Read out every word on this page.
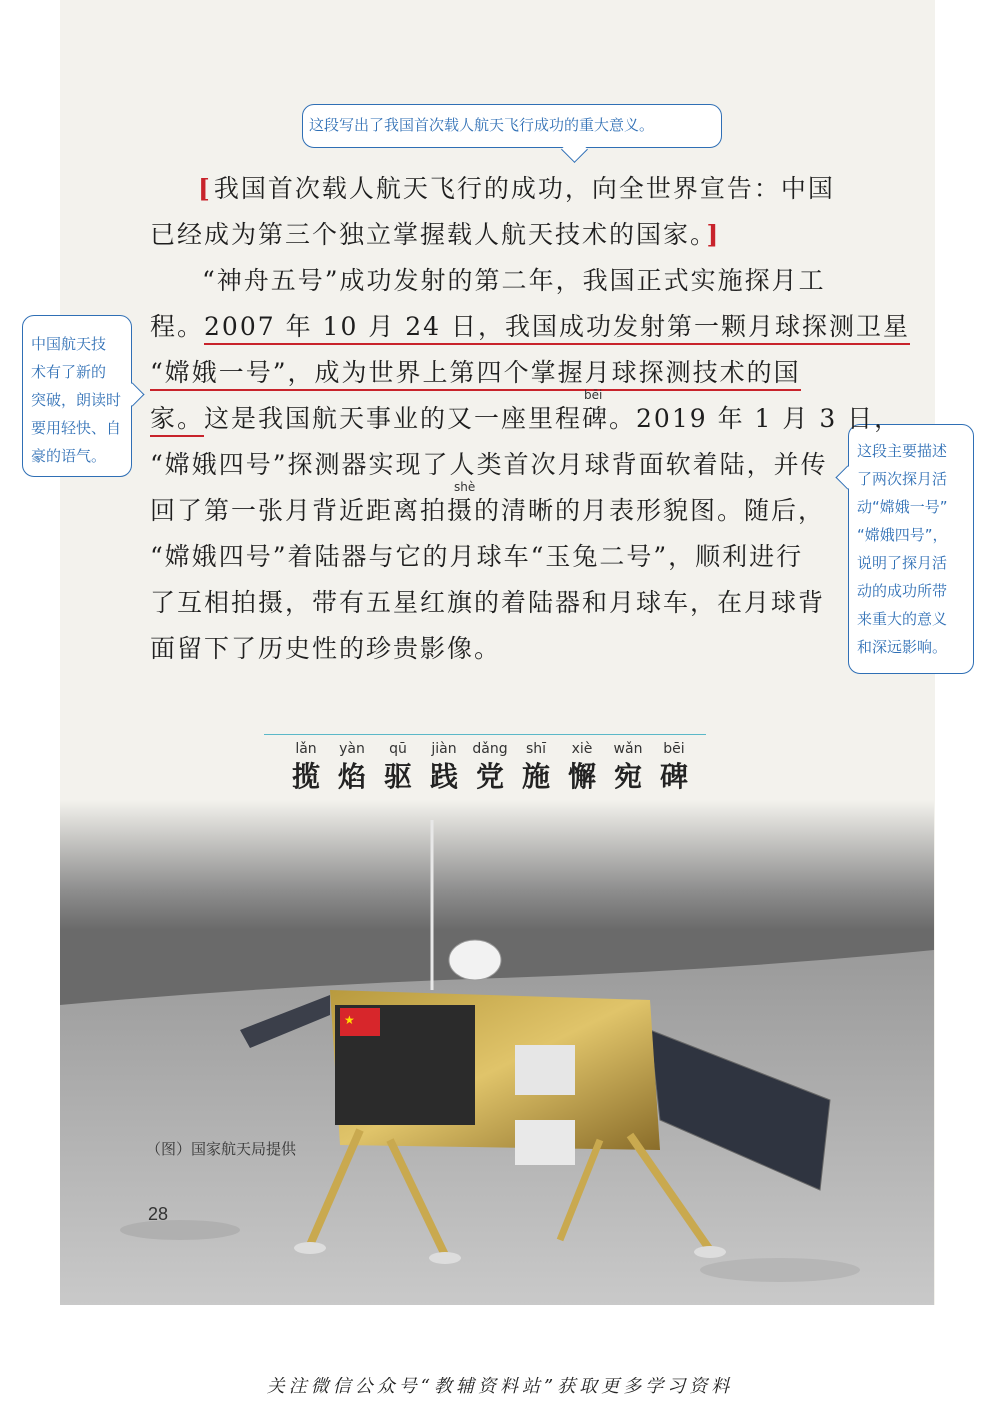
这段写出了我国首次载人航天飞行成功的重大意义。
中国航天技
术有了新的
突破，朗读时
要用轻快、自
豪的语气。	这段主要描述
了两次探月活
动“嫦娥一号”
“嫦娥四号”，
说明了探月活
动的成功所带
来重大的意义
和深远影响。
[我国首次载人航天飞行的成功，向全世界宣告：中国
已经成为第三个独立掌握载人航天技术的国家。]
“神舟五号”成功发射的第二年，我国正式实施探月工
程。2007 年 10 月 24 日，我国成功发射第一颗月球探测卫星
“嫦娥一号”，成为世界上第四个掌握月球探测技术的国
家。这是我国航天事业的又一座里程碑。2019 年 1 月 3 日，
“嫦娥四号”探测器实现了人类首次月球背面软着陆，并传
回了第一张月背近距离拍摄的清晰的月表形貌图。随后，
“嫦娥四号”着陆器与它的月球车“玉兔二号”，顺利进行
了互相拍摄，带有五星红旗的着陆器和月球车，在月球背
面留下了历史性的珍贵影像。
bēi
shè
lǎn
揽
yàn
焰
qū
驱
jiàn
践
dǎng
党
shī
施
xiè
懈
wǎn
宛
bēi
碑
★
（图）国家航天局提供
28
关注微信公众号“教辅资料站”获取更多学习资料
